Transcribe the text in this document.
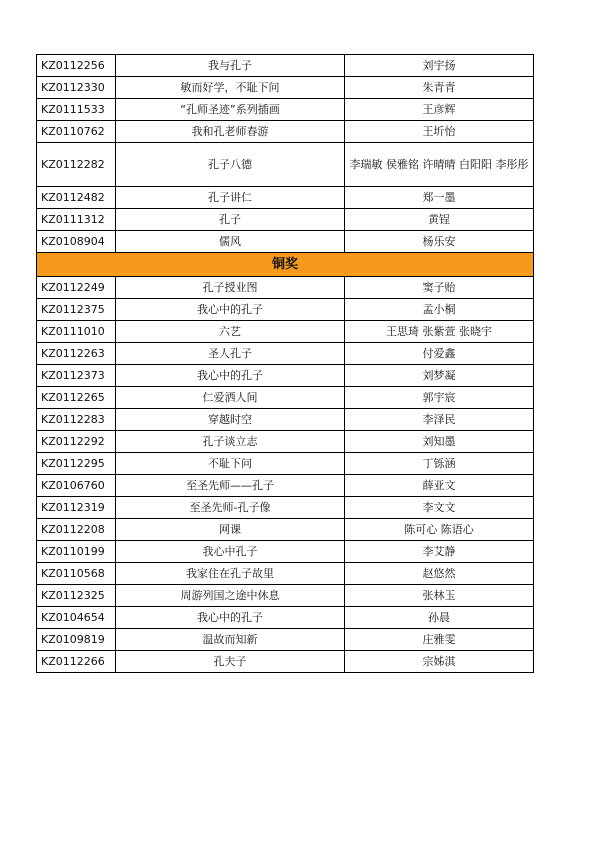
KZ0112256	我与孔子	刘宇扬
KZ0112330	敏而好学，不耻下问	朱青青
KZ0111533	“孔师圣迹”系列插画	王彦辉
KZ0110762	我和孔老师春游	王圻怡
KZ0112282	孔子八德	李瑞敏 侯雅铭 许晴晴 白阳阳 李彤彤
KZ0112482	孔子讲仁	郑一墨
KZ0111312	孔子	黄锃
KZ0108904	儒风	杨乐安
铜奖		
KZ0112249	孔子授业图	窦子贻
KZ0112375	我心中的孔子	孟小桐
KZ0111010	六艺	王思琦 张紫萱 张晓宇
KZ0112263	圣人孔子	付爱鑫
KZ0112373	我心中的孔子	刘梦凝
KZ0112265	仁爱洒人间	郭宇宸
KZ0112283	穿越时空	李泽民
KZ0112292	孔子谈立志	刘知墨
KZ0112295	不耻下问	丁铄涵
KZ0106760	至圣先师——孔子	薛亚文
KZ0112319	至圣先师-孔子像	李文文
KZ0112208	网课	陈可心 陈语心
KZ0110199	我心中孔子	李艾静
KZ0110568	我家住在孔子故里	赵悠然
KZ0112325	周游列国之途中休息	张林玉
KZ0104654	我心中的孔子	孙晨
KZ0109819	温故而知新	庄雅雯
KZ0112266	孔夫子	宗姊淇
